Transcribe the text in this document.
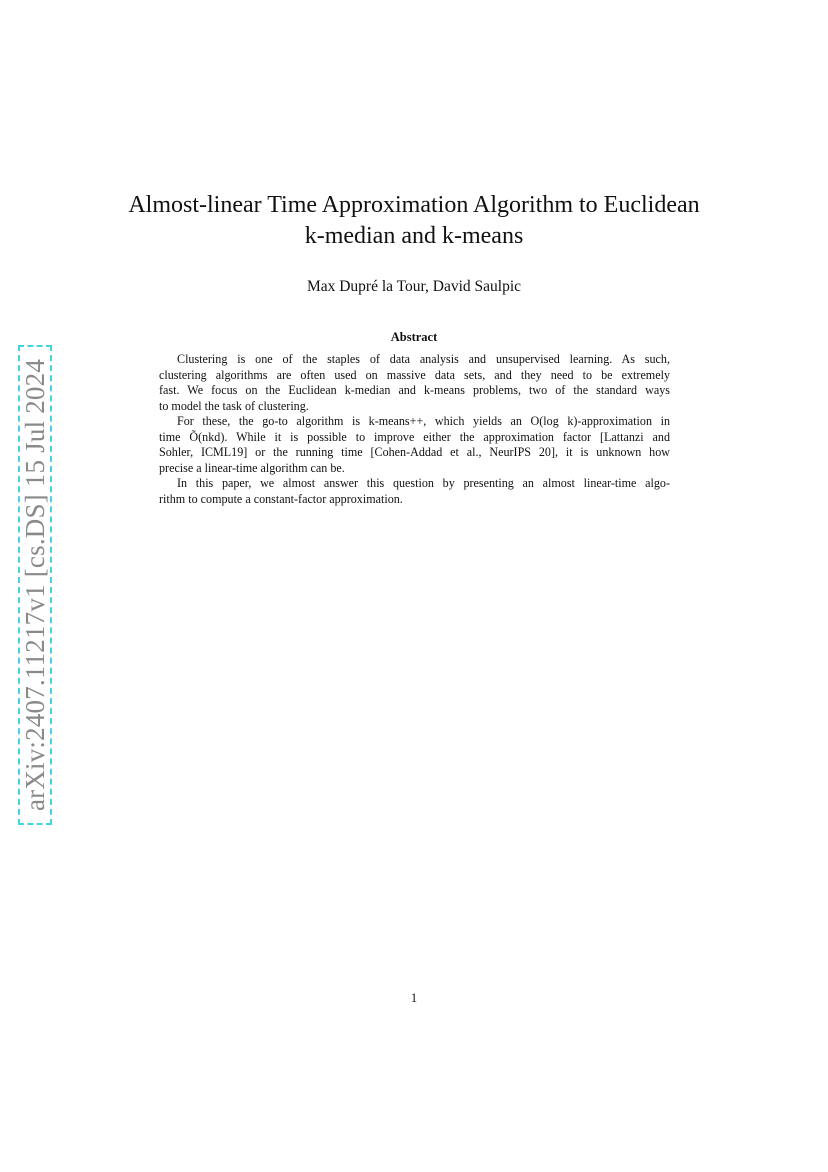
arXiv:2407.11217v1 [cs.DS] 15 Jul 2024
Almost-linear Time Approximation Algorithm to Euclidean
k-median and k-means
Max Dupré la Tour, David Saulpic
Abstract
Clustering is one of the staples of data analysis and unsupervised learning. As such,
clustering algorithms are often used on massive data sets, and they need to be extremely
fast. We focus on the Euclidean k-median and k-means problems, two of the standard ways
to model the task of clustering.
For these, the go-to algorithm is k-means++, which yields an O(log k)-approximation in
time Õ(nkd). While it is possible to improve either the approximation factor [Lattanzi and
Sohler, ICML19] or the running time [Cohen-Addad et al., NeurIPS 20], it is unknown how
precise a linear-time algorithm can be.
In this paper, we almost answer this question by presenting an almost linear-time algo-
rithm to compute a constant-factor approximation.
1
